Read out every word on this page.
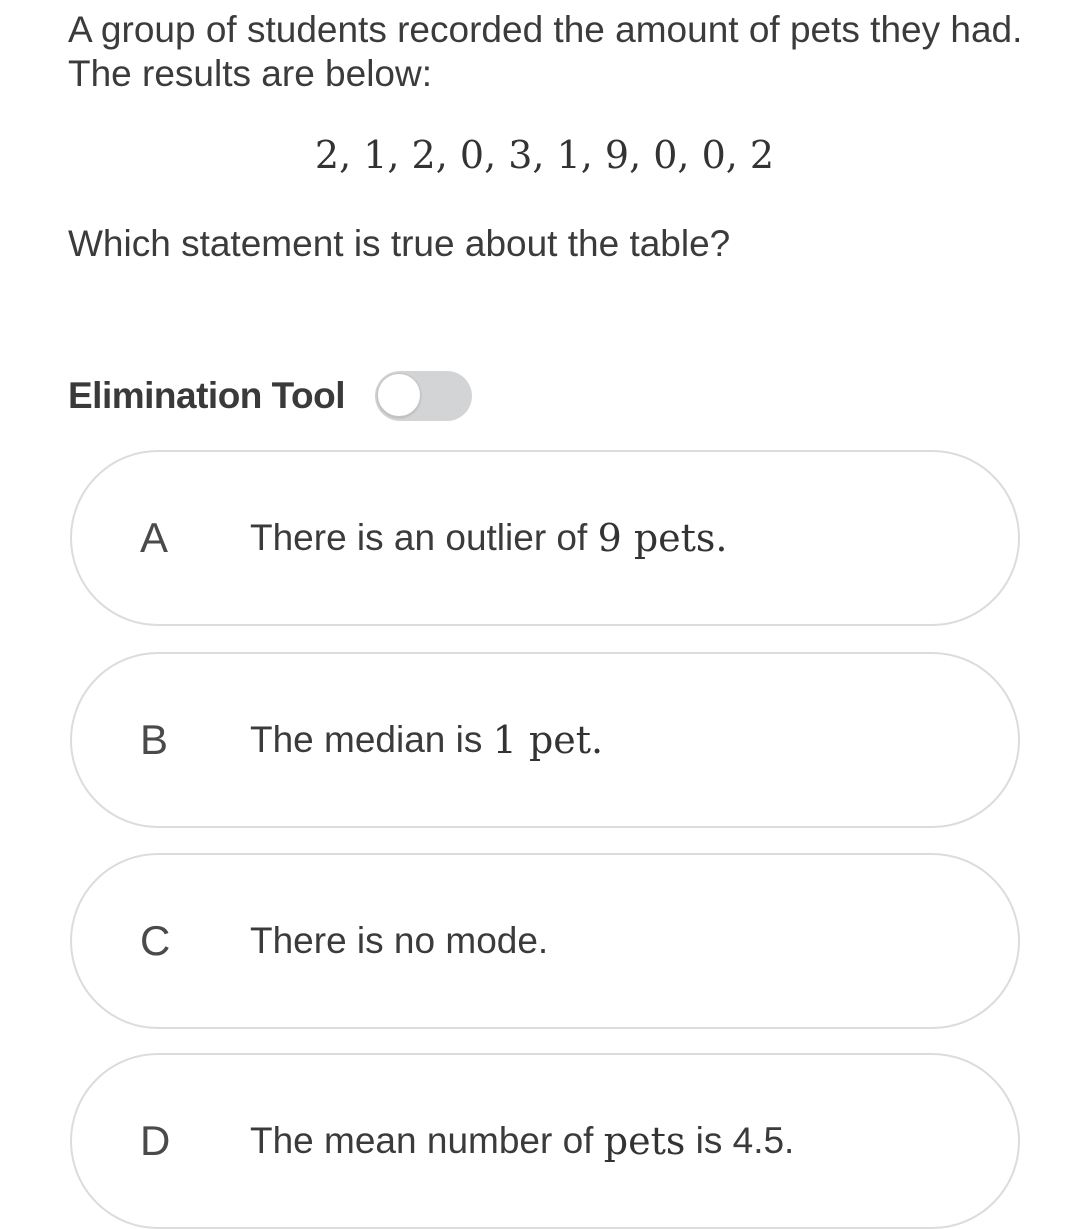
A group of students recorded the amount of pets they had. The results are below:

2, 1, 2, 0, 3, 1, 9, 0, 0, 2
Which statement is true about the table?
Elimination Tool
A There is an outlier of 9 pets.
B The median is 1 pet.
C There is no mode.
D The mean number of pets is 4.5.
